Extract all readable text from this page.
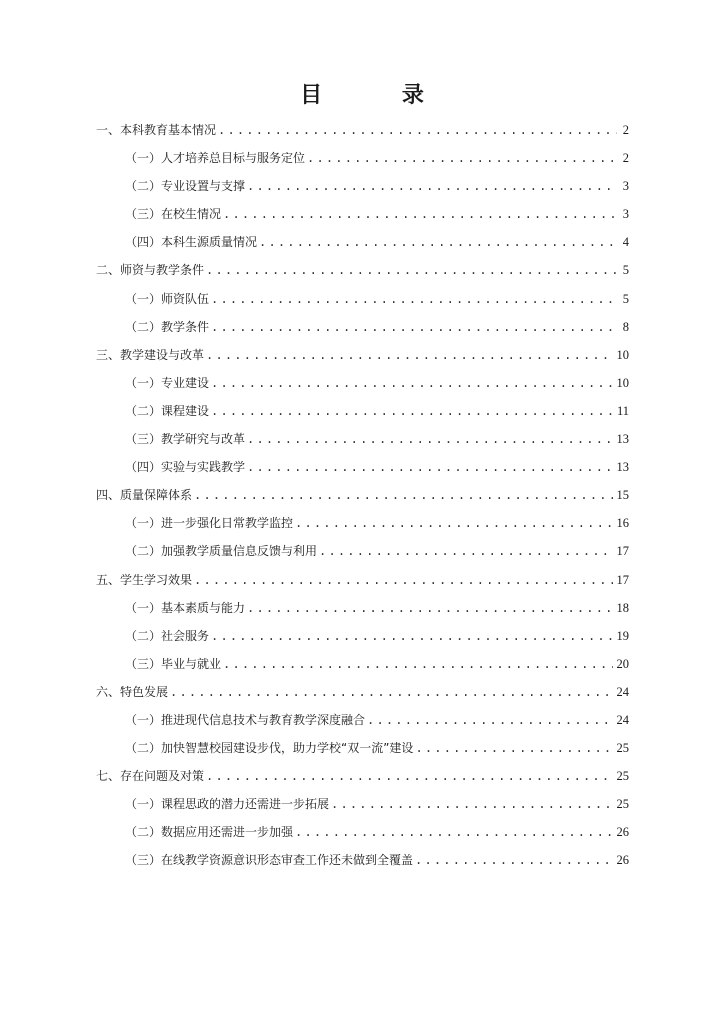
目 录
一、本科教育基本情况 .....	2
（一）人才培养总目标与服务定位 .....	2
（二）专业设置与支撑 .....	3
（三）在校生情况 .....	3
（四）本科生源质量情况 .....	4
二、师资与教学条件 .....	5
（一）师资队伍 .....	5
（二）教学条件 .....	8
三、教学建设与改革 .....	10
（一）专业建设 .....	10
（二）课程建设 .....	11
（三）教学研究与改革 .....	13
（四）实验与实践教学 .....	13
四、质量保障体系 .....	15
（一）进一步强化日常教学监控 .....	16
（二）加强教学质量信息反馈与利用 .....	17
五、学生学习效果 .....	17
（一）基本素质与能力 .....	18
（二）社会服务 .....	19
（三）毕业与就业 .....	20
六、特色发展 .....	24
（一）推进现代信息技术与教育教学深度融合 .....	24
（二）加快智慧校园建设步伐，助力学校“双一流”建设 .....	25
七、存在问题及对策 .....	25
（一）课程思政的潜力还需进一步拓展 .....	25
（二）数据应用还需进一步加强 .....	26
（三）在线教学资源意识形态审查工作还未做到全覆盖 .....	26
